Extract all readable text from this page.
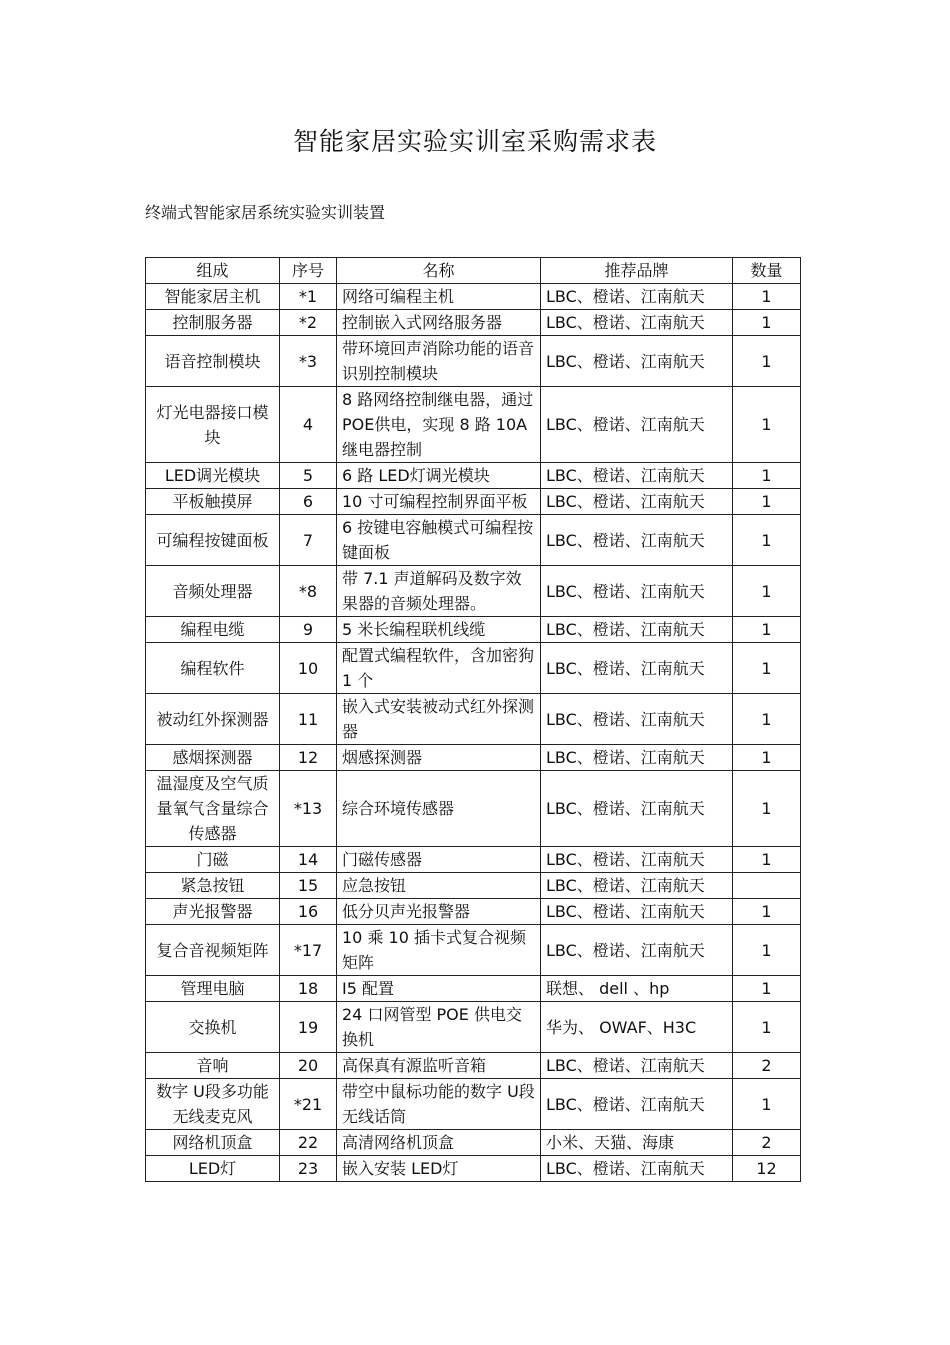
智能家居实验实训室采购需求表
终端式智能家居系统实验实训装置
组成	序号	名称	推荐品牌	数量
智能家居主机	*1	网络可编程主机	LBC、橙诺、江南航天	1
控制服务器	*2	控制嵌入式网络服务器	LBC、橙诺、江南航天	1
语音控制模块	*3	带环境回声消除功能的语音识别控制模块	LBC、橙诺、江南航天	1
灯光电器接口模块	4	8 路网络控制继电器，通过 POE供电，实现 8 路 10A继电器控制	LBC、橙诺、江南航天	1
LED调光模块	5	6 路 LED灯调光模块	LBC、橙诺、江南航天	1
平板触摸屏	6	10 寸可编程控制界面平板	LBC、橙诺、江南航天	1
可编程按键面板	7	6 按键电容触模式可编程按键面板	LBC、橙诺、江南航天	1
音频处理器	*8	带 7.1 声道解码及数字效果器的音频处理器。	LBC、橙诺、江南航天	1
编程电缆	9	5 米长编程联机线缆	LBC、橙诺、江南航天	1
编程软件	10	配置式编程软件，含加密狗 1 个	LBC、橙诺、江南航天	1
被动红外探测器	11	嵌入式安装被动式红外探测器	LBC、橙诺、江南航天	1
感烟探测器	12	烟感探测器	LBC、橙诺、江南航天	1
温湿度及空气质量氧气含量综合传感器	*13	综合环境传感器	LBC、橙诺、江南航天	1
门磁	14	门磁传感器	LBC、橙诺、江南航天	1
紧急按钮	15	应急按钮	LBC、橙诺、江南航天	
声光报警器	16	低分贝声光报警器	LBC、橙诺、江南航天	1
复合音视频矩阵	*17	10 乘 10 插卡式复合视频矩阵	LBC、橙诺、江南航天	1
管理电脑	18	I5 配置	联想、 dell 、hp	1
交换机	19	24 口网管型 POE 供电交换机	华为、 OWAF、H3C	1
音响	20	高保真有源监听音箱	LBC、橙诺、江南航天	2
数字 U段多功能无线麦克风	*21	带空中鼠标功能的数字 U段无线话筒	LBC、橙诺、江南航天	1
网络机顶盒	22	高清网络机顶盒	小米、天猫、海康	2
LED灯	23	嵌入安装 LED灯	LBC、橙诺、江南航天	12
